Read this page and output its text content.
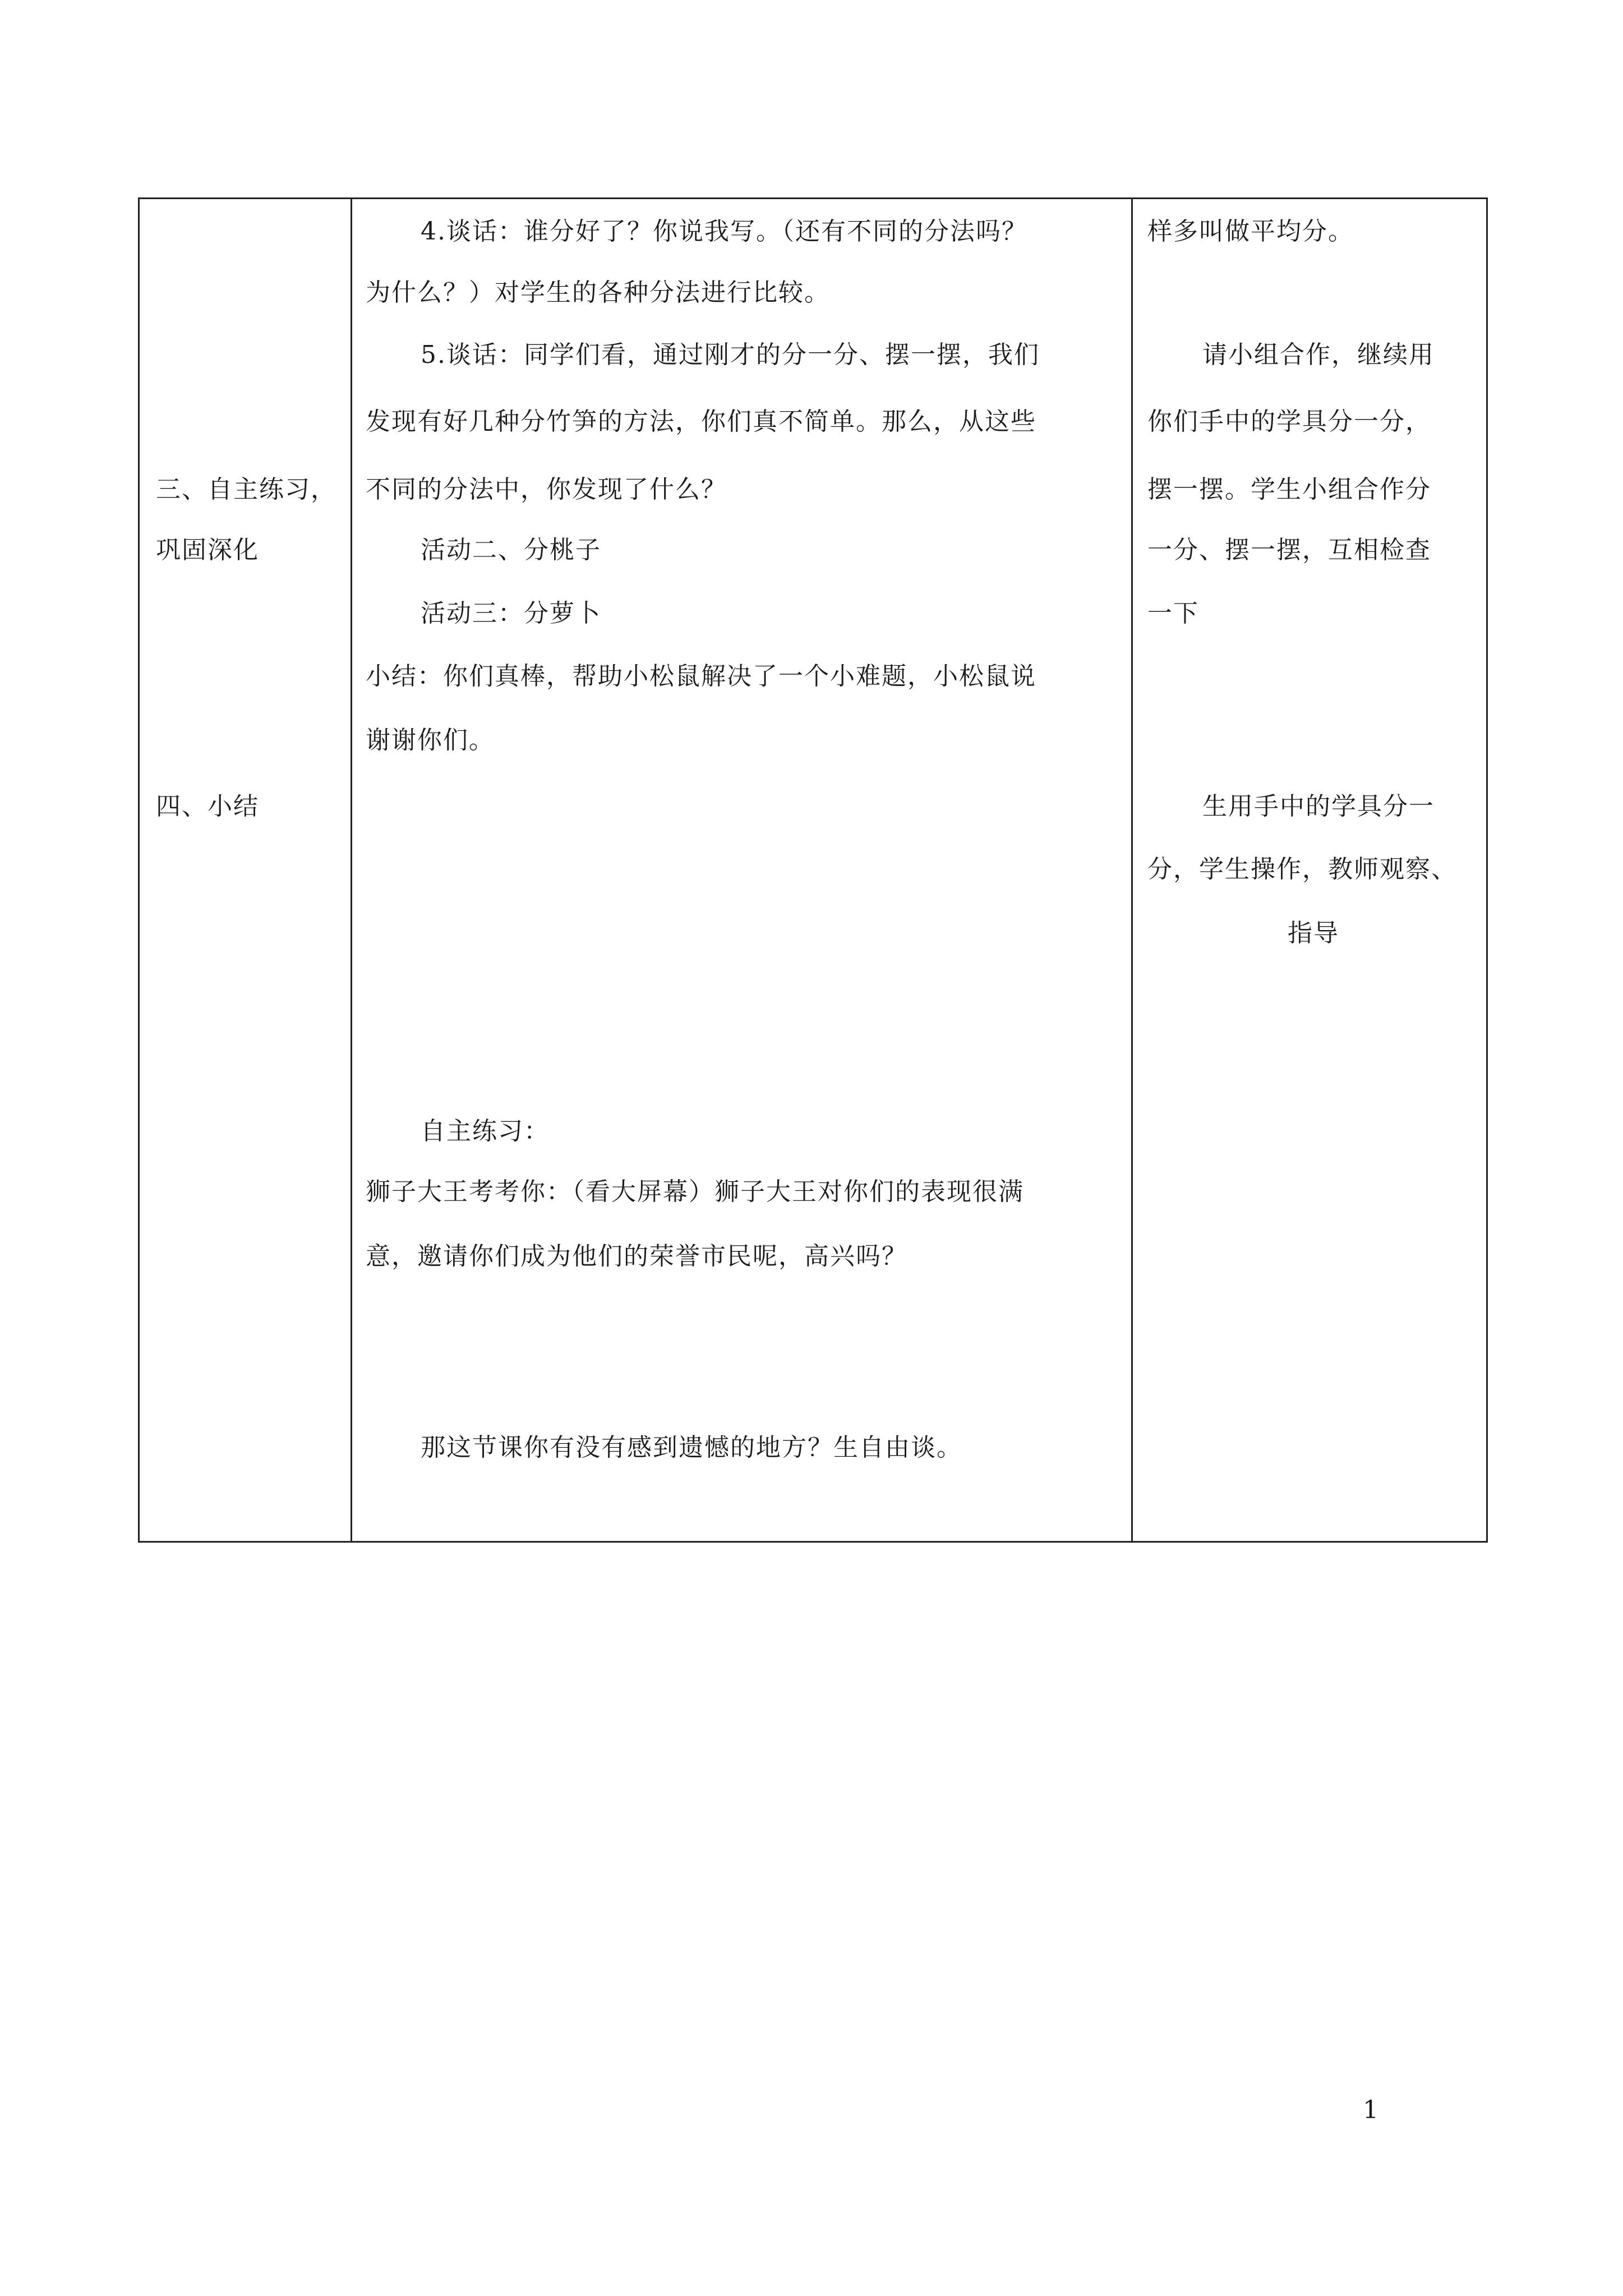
三、自主练习，
巩固深化
四、小结
4.谈话：谁分好了？你说我写。（还有不同的分法吗？
为什么？）对学生的各种分法进行比较。
5.谈话：同学们看，通过刚才的分一分、摆一摆，我们
发现有好几种分竹笋的方法，你们真不简单。那么，从这些
不同的分法中，你发现了什么？
活动二、分桃子
活动三：分萝卜
小结：你们真棒，帮助小松鼠解决了一个小难题，小松鼠说
谢谢你们。
自主练习：
狮子大王考考你：（看大屏幕）狮子大王对你们的表现很满
意，邀请你们成为他们的荣誉市民呢，高兴吗？
那这节课你有没有感到遗憾的地方？生自由谈。
样多叫做平均分。
请小组合作，继续用
你们手中的学具分一分，
摆一摆。学生小组合作分
一分、摆一摆，互相检查
一下
生用手中的学具分一
分，学生操作，教师观察、
指导
1
